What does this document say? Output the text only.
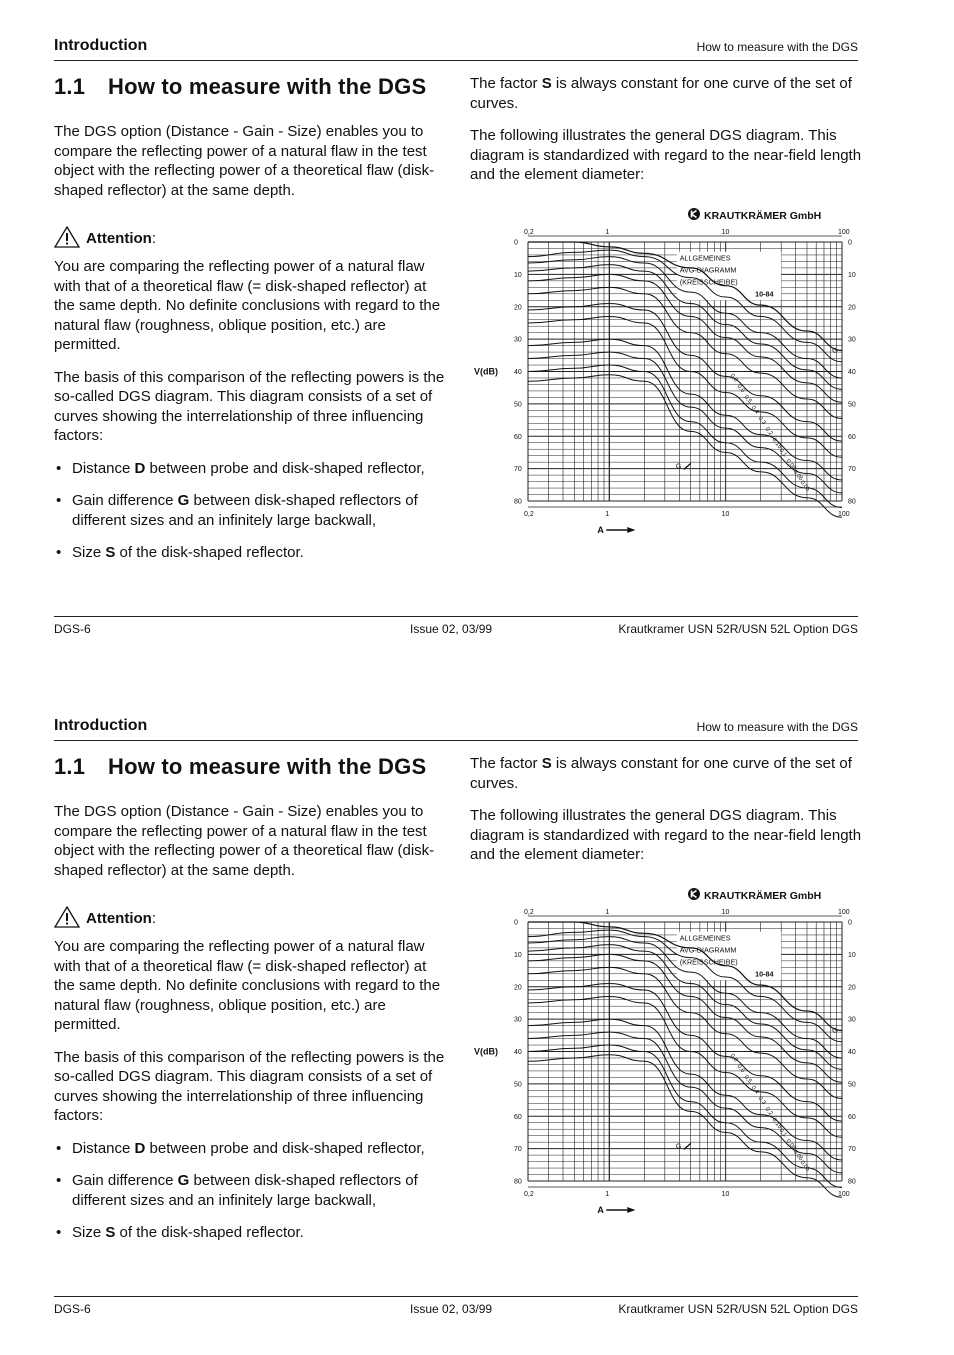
Introduction	How to measure with the DGS
1.1 How to measure with the DGS

The DGS option (Distance - Gain - Size) enables you to compare the reflecting power of a natural flaw in the test object with the reflecting power of a theoretical flaw (disk-shaped reflector) at the same depth.

Attention:

You are comparing the reflecting power of a natural flaw with that of a theoretical flaw (= disk-shaped reflector) at the same depth. No definite conclusions with regard to the natural flaw (roughness, oblique position, etc.) are permitted.

The basis of this comparison of the reflecting powers is the so-called DGS diagram. This diagram consists of a set of curves showing the interrelationship of three influencing factors:

• Distance D between probe and disk-shaped reflector,
• Gain difference G between disk-shaped reflectors of different sizes and an infinitely large backwall,
• Size S of the disk-shaped reflector.

The factor S is always constant for one curve of the set of curves.

The following illustrates the general DGS diagram. This diagram is standardized with regard to the near-field length and the element diameter:

0,2
0,2
1
1
10
10
100
100
0	0
10	10
20	20
30	30
40	40
50	50
60	60
70	70
80	80
KRAUTKRÄMER GmbH
ALLGEMEINES
AVG-DIAGRAMM
(KREISSCHEIBE)
10-84
G
0,8
0,6
0,5
0,4
0,3
0,2
0,15
0,1
0,08
0,06
0,05
G
V(dB)
A
DGS-6	Issue 02, 03/99	Krautkramer USN 52R/USN 52L Option DGS
Introduction	How to measure with the DGS
1.1 How to measure with the DGS

The DGS option (Distance - Gain - Size) enables you to compare the reflecting power of a natural flaw in the test object with the reflecting power of a theoretical flaw (disk-shaped reflector) at the same depth.

Attention:

You are comparing the reflecting power of a natural flaw with that of a theoretical flaw (= disk-shaped reflector) at the same depth. No definite conclusions with regard to the natural flaw (roughness, oblique position, etc.) are permitted.

The basis of this comparison of the reflecting powers is the so-called DGS diagram. This diagram consists of a set of curves showing the interrelationship of three influencing factors:

• Distance D between probe and disk-shaped reflector,
• Gain difference G between disk-shaped reflectors of different sizes and an infinitely large backwall,
• Size S of the disk-shaped reflector.

The factor S is always constant for one curve of the set of curves.

The following illustrates the general DGS diagram. This diagram is standardized with regard to the near-field length and the element diameter:

0,2
0,2
1
1
10
10
100
100
0	0
10	10
20	20
30	30
40	40
50	50
60	60
70	70
80	80
KRAUTKRÄMER GmbH
ALLGEMEINES
AVG-DIAGRAMM
(KREISSCHEIBE)
10-84
G
0,8
0,6
0,5
0,4
0,3
0,2
0,15
0,1
0,08
0,06
0,05
G
V(dB)
A
DGS-6	Issue 02, 03/99	Krautkramer USN 52R/USN 52L Option DGS
